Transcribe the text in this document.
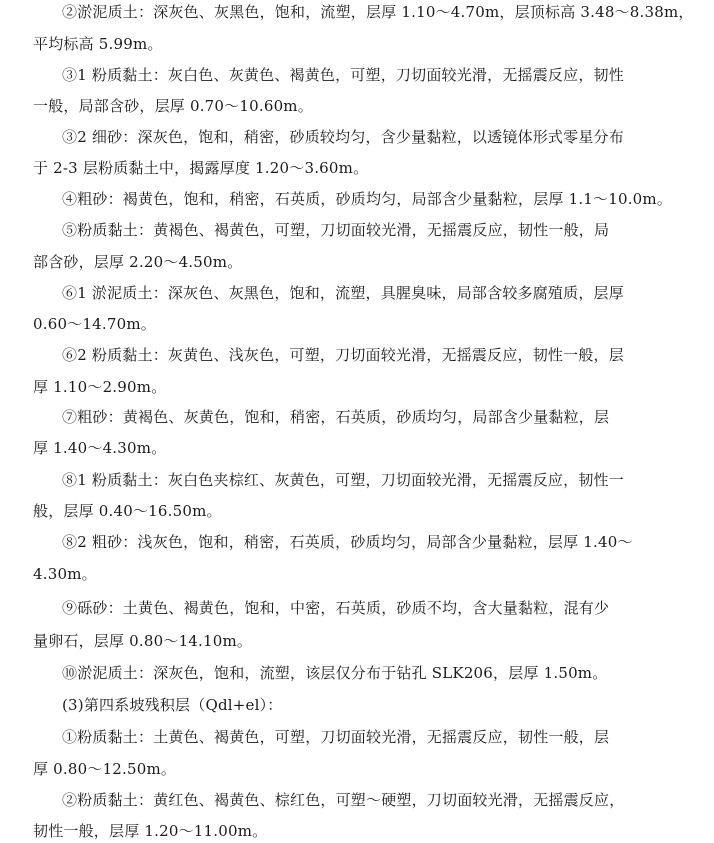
②淤泥质土：深灰色、灰黑色，饱和，流塑，层厚 1.10～4.70m，层顶标高 3.48～8.38m，
平均标高 5.99m。
③1 粉质黏土：灰白色、灰黄色、褐黄色，可塑，刀切面较光滑，无摇震反应，韧性
一般，局部含砂，层厚 0.70～10.60m。
③2 细砂：深灰色，饱和，稍密，砂质较均匀，含少量黏粒，以透镜体形式零星分布
于 2-3 层粉质黏土中，揭露厚度 1.20～3.60m。
④粗砂：褐黄色，饱和，稍密，石英质，砂质均匀，局部含少量黏粒，层厚 1.1～10.0m。
⑤粉质黏土：黄褐色、褐黄色，可塑，刀切面较光滑，无摇震反应，韧性一般，局
部含砂，层厚 2.20～4.50m。
⑥1 淤泥质土：深灰色、灰黑色，饱和，流塑，具腥臭味，局部含较多腐殖质，层厚
0.60～14.70m。
⑥2 粉质黏土：灰黄色、浅灰色，可塑，刀切面较光滑，无摇震反应，韧性一般，层
厚 1.10～2.90m。
⑦粗砂：黄褐色、灰黄色，饱和，稍密，石英质，砂质均匀，局部含少量黏粒，层
厚 1.40～4.30m。
⑧1 粉质黏土：灰白色夹棕红、灰黄色，可塑，刀切面较光滑，无摇震反应，韧性一
般，层厚 0.40～16.50m。
⑧2 粗砂：浅灰色，饱和，稍密，石英质，砂质均匀，局部含少量黏粒，层厚 1.40～
4.30m。
⑨砾砂：土黄色、褐黄色，饱和，中密，石英质，砂质不均，含大量黏粒，混有少
量卵石，层厚 0.80～14.10m。
⑩淤泥质土：深灰色，饱和，流塑，该层仅分布于钻孔 SLK206，层厚 1.50m。
(3)第四系坡残积层（Qdl+el）：
①粉质黏土：土黄色、褐黄色，可塑，刀切面较光滑，无摇震反应，韧性一般，层
厚 0.80～12.50m。
②粉质黏土：黄红色、褐黄色、棕红色，可塑～硬塑，刀切面较光滑，无摇震反应，
韧性一般，层厚 1.20～11.00m。
